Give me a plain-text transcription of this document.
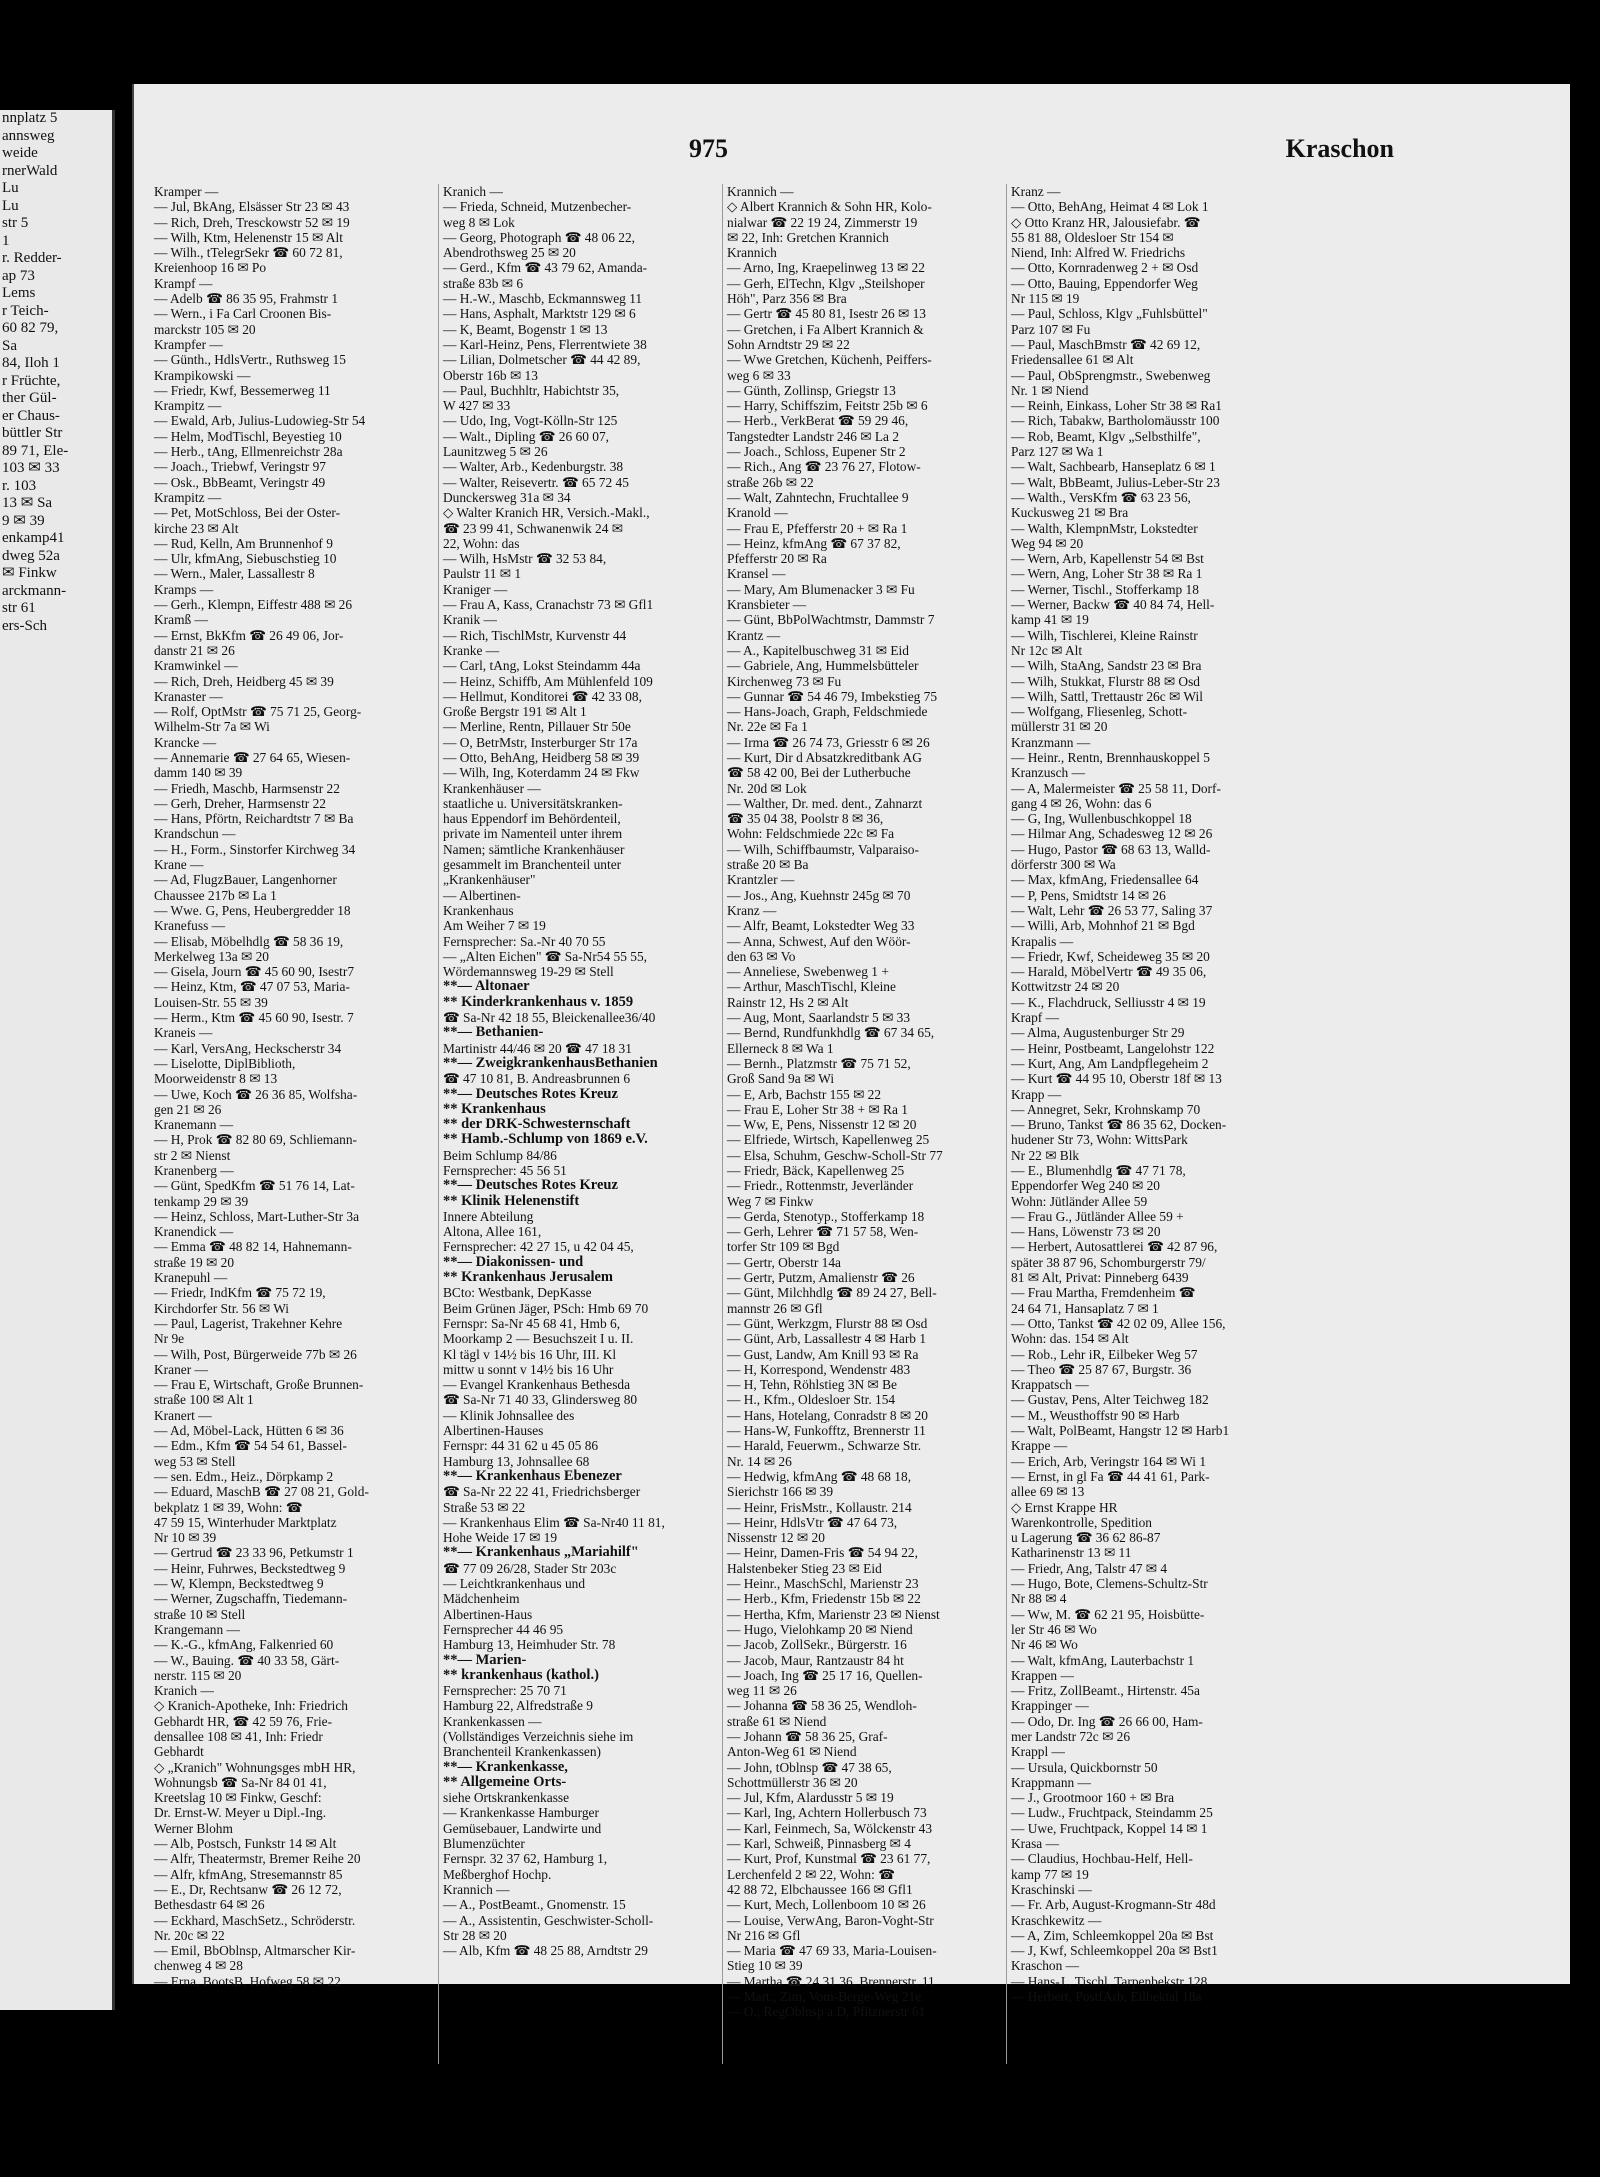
nnplatz 5
annsweg
weide
rnerWald
Lu
Lu
str 5
1
r. Redder-
ap 73
Lems
r Teich-
60 82 79,
Sa
84, Iloh 1
r Früchte,
ther Gül-
er Chaus-
büttler Str
89 71, Ele-
103 ✉ 33
r. 103
13 ✉ Sa
9 ✉ 39
enkamp41
dweg 52a
✉ Finkw
arckmann-
str 61
ers-Sch
975	Kraschon
Kramper —
— Jul, BkAng, Elsässer Str 23 ✉ 43
— Rich, Dreh, Tresckowstr 52 ✉ 19
— Wilh, Ktm, Helenenstr 15 ✉ Alt
— Wilh., tTelegrSekr ☎ 60 72 81,
Kreienhoop 16 ✉ Po
Krampf —
— Adelb ☎ 86 35 95, Frahmstr 1
— Wern., i Fa Carl Croonen Bis-
marckstr 105 ✉ 20
Krampfer —
— Günth., HdlsVertr., Ruthsweg 15
Krampikowski —
— Friedr, Kwf, Bessemerweg 11
Krampitz —
— Ewald, Arb, Julius-Ludowieg-Str 54
— Helm, ModTischl, Beyestieg 10
— Herb., tAng, Ellmenreichstr 28a
— Joach., Triebwf, Veringstr 97
— Osk., BbBeamt, Veringstr 49
Krampitz —
— Pet, MotSchloss, Bei der Oster-
kirche 23 ✉ Alt
— Rud, Kelln, Am Brunnenhof 9
— Ulr, kfmAng, Siebuschstieg 10
— Wern., Maler, Lassallestr 8
Kramps —
— Gerh., Klempn, Eiffestr 488 ✉ 26
Kramß —
— Ernst, BkKfm ☎ 26 49 06, Jor-
danstr 21 ✉ 26
Kramwinkel —
— Rich, Dreh, Heidberg 45 ✉ 39
Kranaster —
— Rolf, OptMstr ☎ 75 71 25, Georg-
Wilhelm-Str 7a ✉ Wi
Krancke —
— Annemarie ☎ 27 64 65, Wiesen-
damm 140 ✉ 39
— Friedh, Maschb, Harmsenstr 22
— Gerh, Dreher, Harmsenstr 22
— Hans, Pförtn, Reichardtstr 7 ✉ Ba
Krandschun —
— H., Form., Sinstorfer Kirchweg 34
Krane —
— Ad, FlugzBauer, Langenhorner
Chaussee 217b ✉ La 1
— Wwe. G, Pens, Heubergredder 18
Kranefuss —
— Elisab, Möbelhdlg ☎ 58 36 19,
Merkelweg 13a ✉ 20
— Gisela, Journ ☎ 45 60 90, Isestr7
— Heinz, Ktm, ☎ 47 07 53, Maria-
Louisen-Str. 55 ✉ 39
— Herm., Ktm ☎ 45 60 90, Isestr. 7
Kraneis —
— Karl, VersAng, Heckscherstr 34
— Liselotte, DiplBiblioth,
Moorweidenstr 8 ✉ 13
— Uwe, Koch ☎ 26 36 85, Wolfsha-
gen 21 ✉ 26
Kranemann —
— H, Prok ☎ 82 80 69, Schliemann-
str 2 ✉ Nienst
Kranenberg —
— Günt, SpedKfm ☎ 51 76 14, Lat-
tenkamp 29 ✉ 39
— Heinz, Schloss, Mart-Luther-Str 3a
Kranendick —
— Emma ☎ 48 82 14, Hahnemann-
straße 19 ✉ 20
Kranepuhl —
— Friedr, IndKfm ☎ 75 72 19,
Kirchdorfer Str. 56 ✉ Wi
— Paul, Lagerist, Trakehner Kehre
Nr 9e
— Wilh, Post, Bürgerweide 77b ✉ 26
Kraner —
— Frau E, Wirtschaft, Große Brunnen-
straße 100 ✉ Alt 1
Kranert —
— Ad, Möbel-Lack, Hütten 6 ✉ 36
— Edm., Kfm ☎ 54 54 61, Bassel-
weg 53 ✉ Stell
— sen. Edm., Heiz., Dörpkamp 2
— Eduard, MaschB ☎ 27 08 21, Gold-
bekplatz 1 ✉ 39, Wohn: ☎
47 59 15, Winterhuder Marktplatz
Nr 10 ✉ 39
— Gertrud ☎ 23 33 96, Petkumstr 1
— Heinr, Fuhrwes, Beckstedtweg 9
— W, Klempn, Beckstedtweg 9
— Werner, Zugschaffn, Tiedemann-
straße 10 ✉ Stell
Krangemann —
— K.-G., kfmAng, Falkenried 60
— W., Bauing. ☎ 40 33 58, Gärt-
nerstr. 115 ✉ 20
Kranich —
◇ Kranich-Apotheke, Inh: Friedrich
Gebhardt HR, ☎ 42 59 76, Frie-
densallee 108 ✉ 41, Inh: Friedr
Gebhardt
◇ „Kranich" Wohnungsges mbH HR,
Wohnungsb ☎ Sa-Nr 84 01 41,
Kreetslag 10 ✉ Finkw, Geschf:
Dr. Ernst-W. Meyer u Dipl.-Ing.
Werner Blohm
— Alb, Postsch, Funkstr 14 ✉ Alt
— Alfr, Theatermstr, Bremer Reihe 20
— Alfr, kfmAng, Stresemannstr 85
— E., Dr, Rechtsanw ☎ 26 12 72,
Bethesdastr 64 ✉ 26
— Eckhard, MaschSetz., Schröderstr.
Nr. 20c ✉ 22
— Emil, BbOblnsp, Altmarscher Kir-
chenweg 4 ✉ 28
— Erna, BootsB, Hofweg 58 ✉ 22
Kranich —
— Frieda, Schneid, Mutzenbecher-
weg 8 ✉ Lok
— Georg, Photograph ☎ 48 06 22,
Abendrothsweg 25 ✉ 20
— Gerd., Kfm ☎ 43 79 62, Amanda-
straße 83b ✉ 6
— H.-W., Maschb, Eckmannsweg 11
— Hans, Asphalt, Marktstr 129 ✉ 6
— K, Beamt, Bogenstr 1 ✉ 13
— Karl-Heinz, Pens, Flerrentwiete 38
— Lilian, Dolmetscher ☎ 44 42 89,
Oberstr 16b ✉ 13
— Paul, Buchhltr, Habichtstr 35,
W 427 ✉ 33
— Udo, Ing, Vogt-Kölln-Str 125
— Walt., Dipling ☎ 26 60 07,
Launitzweg 5 ✉ 26
— Walter, Arb., Kedenburgstr. 38
— Walter, Reisevertr. ☎ 65 72 45
Dunckersweg 31a ✉ 34
◇ Walter Kranich HR, Versich.-Makl.,
☎ 23 99 41, Schwanenwik 24 ✉
22, Wohn: das
— Wilh, HsMstr ☎ 32 53 84,
Paulstr 11 ✉ 1
Kraniger —
— Frau A, Kass, Cranachstr 73 ✉ Gfl1
Kranik —
— Rich, TischlMstr, Kurvenstr 44
Kranke —
— Carl, tAng, Lokst Steindamm 44a
— Heinz, Schiffb, Am Mühlenfeld 109
— Hellmut, Konditorei ☎ 42 33 08,
Große Bergstr 191 ✉ Alt 1
— Merline, Rentn, Pillauer Str 50e
— O, BetrMstr, Insterburger Str 17a
— Otto, BehAng, Heidberg 58 ✉ 39
— Wilh, Ing, Koterdamm 24 ✉ Fkw
Krankenhäuser —
staatliche u. Universitätskranken-
haus Eppendorf im Behördenteil,
private im Namenteil unter ihrem
Namen; sämtliche Krankenhäuser
gesammelt im Branchenteil unter
„Krankenhäuser"
— Albertinen-
Krankenhaus
Am Weiher 7 ✉ 19
Fernsprecher: Sa.-Nr 40 70 55
— „Alten Eichen" ☎ Sa-Nr54 55 55,
Wördemannsweg 19-29 ✉ Stell
**— Altonaer
** Kinderkrankenhaus v. 1859
☎ Sa-Nr 42 18 55, Bleickenallee36/40
**— Bethanien-
Martinistr 44/46 ✉ 20 ☎ 47 18 31
**— ZweigkrankenhausBethanien
☎ 47 10 81, B. Andreasbrunnen 6
**— Deutsches Rotes Kreuz
** Krankenhaus
** der DRK-Schwesternschaft
** Hamb.-Schlump von 1869 e.V.
Beim Schlump 84/86
Fernsprecher: 45 56 51
**— Deutsches Rotes Kreuz
** Klinik Helenenstift
Innere Abteilung
Altona, Allee 161,
Fernsprecher: 42 27 15, u 42 04 45,
**— Diakonissen- und
** Krankenhaus Jerusalem
BCto: Westbank, DepKasse
Beim Grünen Jäger, PSch: Hmb 69 70
Fernspr: Sa-Nr 45 68 41, Hmb 6,
Moorkamp 2 — Besuchszeit I u. II.
Kl tägl v 14½ bis 16 Uhr, III. Kl
mittw u sonnt v 14½ bis 16 Uhr
— Evangel Krankenhaus Bethesda
☎ Sa-Nr 71 40 33, Glindersweg 80
— Klinik Johnsallee des
Albertinen-Hauses
Fernspr: 44 31 62 u 45 05 86
Hamburg 13, Johnsallee 68
**— Krankenhaus Ebenezer
☎ Sa-Nr 22 22 41, Friedrichsberger
Straße 53 ✉ 22
— Krankenhaus Elim ☎ Sa-Nr40 11 81,
Hohe Weide 17 ✉ 19
**— Krankenhaus „Mariahilf"
☎ 77 09 26/28, Stader Str 203c
— Leichtkrankenhaus und
Mädchenheim
Albertinen-Haus
Fernsprecher 44 46 95
Hamburg 13, Heimhuder Str. 78
**— Marien-
** krankenhaus (kathol.)
Fernsprecher: 25 70 71
Hamburg 22, Alfredstraße 9
Krankenkassen —
(Vollständiges Verzeichnis siehe im
Branchenteil Krankenkassen)
**— Krankenkasse,
** Allgemeine Orts-
siehe Ortskrankenkasse
— Krankenkasse Hamburger
Gemüsebauer, Landwirte und
Blumenzüchter
Fernspr. 32 37 62, Hamburg 1,
Meßberghof Hochp.
Krannich —
— A., PostBeamt., Gnomenstr. 15
— A., Assistentin, Geschwister-Scholl-
Str 28 ✉ 20
— Alb, Kfm ☎ 48 25 88, Arndtstr 29
Krannich —
◇ Albert Krannich & Sohn HR, Kolo-
nialwar ☎ 22 19 24, Zimmerstr 19
✉ 22, Inh: Gretchen Krannich
Krannich
— Arno, Ing, Kraepelinweg 13 ✉ 22
— Gerh, ElTechn, Klgv „Steilshoper
Höh", Parz 356 ✉ Bra
— Gertr ☎ 45 80 81, Isestr 26 ✉ 13
— Gretchen, i Fa Albert Krannich &
Sohn Arndtstr 29 ✉ 22
— Wwe Gretchen, Küchenh, Peiffers-
weg 6 ✉ 33
— Günth, Zollinsp, Griegstr 13
— Harry, Schiffszim, Feitstr 25b ✉ 6
— Herb., VerkBerat ☎ 59 29 46,
Tangstedter Landstr 246 ✉ La 2
— Joach., Schloss, Eupener Str 2
— Rich., Ang ☎ 23 76 27, Flotow-
straße 26b ✉ 22
— Walt, Zahntechn, Fruchtallee 9
Kranold —
— Frau E, Pfefferstr 20 + ✉ Ra 1
— Heinz, kfmAng ☎ 67 37 82,
Pfefferstr 20 ✉ Ra
Kransel —
— Mary, Am Blumenacker 3 ✉ Fu
Kransbieter —
— Günt, BbPolWachtmstr, Dammstr 7
Krantz —
— A., Kapitelbuschweg 31 ✉ Eid
— Gabriele, Ang, Hummelsbütteler
Kirchenweg 73 ✉ Fu
— Gunnar ☎ 54 46 79, Imbekstieg 75
— Hans-Joach, Graph, Feldschmiede
Nr. 22e ✉ Fa 1
— Irma ☎ 26 74 73, Griesstr 6 ✉ 26
— Kurt, Dir d Absatzkreditbank AG
☎ 58 42 00, Bei der Lutherbuche
Nr. 20d ✉ Lok
— Walther, Dr. med. dent., Zahnarzt
☎ 35 04 38, Poolstr 8 ✉ 36,
Wohn: Feldschmiede 22c ✉ Fa
— Wilh, Schiffbaumstr, Valparaiso-
straße 20 ✉ Ba
Krantzler —
— Jos., Ang, Kuehnstr 245g ✉ 70
Kranz —
— Alfr, Beamt, Lokstedter Weg 33
— Anna, Schwest, Auf den Wöör-
den 63 ✉ Vo
— Anneliese, Swebenweg 1 +
— Arthur, MaschTischl, Kleine
Rainstr 12, Hs 2 ✉ Alt
— Aug, Mont, Saarlandstr 5 ✉ 33
— Bernd, Rundfunkhdlg ☎ 67 34 65,
Ellerneck 8 ✉ Wa 1
— Bernh., Platzmstr ☎ 75 71 52,
Groß Sand 9a ✉ Wi
— E, Arb, Bachstr 155 ✉ 22
— Frau E, Loher Str 38 + ✉ Ra 1
— Ww, E, Pens, Nissenstr 12 ✉ 20
— Elfriede, Wirtsch, Kapellenweg 25
— Elsa, Schuhm, Geschw-Scholl-Str 77
— Friedr, Bäck, Kapellenweg 25
— Friedr., Rottenmstr, Jeverländer
Weg 7 ✉ Finkw
— Gerda, Stenotyp., Stofferkamp 18
— Gerh, Lehrer ☎ 71 57 58, Wen-
torfer Str 109 ✉ Bgd
— Gertr, Oberstr 14a
— Gertr, Putzm, Amalienstr ☎ 26
— Günt, Milchhdlg ☎ 89 24 27, Bell-
mannstr 26 ✉ Gfl
— Günt, Werkzgm, Flurstr 88 ✉ Osd
— Günt, Arb, Lassallestr 4 ✉ Harb 1
— Gust, Landw, Am Knill 93 ✉ Ra
— H, Korrespond, Wendenstr 483
— H, Tehn, Röhlstieg 3N ✉ Be
— H., Kfm., Oldesloer Str. 154
— Hans, Hotelang, Conradstr 8 ✉ 20
— Hans-W, Funkofftz, Brennerstr 11
— Harald, Feuerwm., Schwarze Str.
Nr. 14 ✉ 26
— Hedwig, kfmAng ☎ 48 68 18,
Sierichstr 166 ✉ 39
— Heinr, FrisMstr., Kollaustr. 214
— Heinr, HdlsVtr ☎ 47 64 73,
Nissenstr 12 ✉ 20
— Heinr, Damen-Fris ☎ 54 94 22,
Halstenbeker Stieg 23 ✉ Eid
— Heinr., MaschSchl, Marienstr 23
— Herb., Kfm, Friedenstr 15b ✉ 22
— Hertha, Kfm, Marienstr 23 ✉ Nienst
— Hugo, Vielohkamp 20 ✉ Niend
— Jacob, ZollSekr., Bürgerstr. 16
— Jacob, Maur, Rantzaustr 84 ht
— Joach, Ing ☎ 25 17 16, Quellen-
weg 11 ✉ 26
— Johanna ☎ 58 36 25, Wendloh-
straße 61 ✉ Niend
— Johann ☎ 58 36 25, Graf-
Anton-Weg 61 ✉ Niend
— John, tOblnsp ☎ 47 38 65,
Schottmüllerstr 36 ✉ 20
— Jul, Kfm, Alardusstr 5 ✉ 19
— Karl, Ing, Achtern Hollerbusch 73
— Karl, Feinmech, Sa, Wölckenstr 43
— Karl, Schweiß, Pinnasberg ✉ 4
— Kurt, Prof, Kunstmal ☎ 23 61 77,
Lerchenfeld 2 ✉ 22, Wohn: ☎
42 88 72, Elbchaussee 166 ✉ Gfl1
— Kurt, Mech, Lollenboom 10 ✉ 26
— Louise, VerwAng, Baron-Voght-Str
Nr 216 ✉ Gfl
— Maria ☎ 47 69 33, Maria-Louisen-
Stieg 10 ✉ 39
— Martha ☎ 24 31 36, Brennerstr. 11
— Mart., Zim, Vom-Berge-Weg 21e
— O., RegOblnsp a.D, Pfitznerstr 61
Kranz —
— Otto, BehAng, Heimat 4 ✉ Lok 1
◇ Otto Kranz HR, Jalousiefabr. ☎
55 81 88, Oldesloer Str 154 ✉
Niend, Inh: Alfred W. Friedrichs
— Otto, Kornradenweg 2 + ✉ Osd
— Otto, Bauing, Eppendorfer Weg
Nr 115 ✉ 19
— Paul, Schloss, Klgv „Fuhlsbüttel"
Parz 107 ✉ Fu
— Paul, MaschBmstr ☎ 42 69 12,
Friedensallee 61 ✉ Alt
— Paul, ObSprengmstr., Swebenweg
Nr. 1 ✉ Niend
— Reinh, Einkass, Loher Str 38 ✉ Ra1
— Rich, Tabakw, Bartholomäusstr 100
— Rob, Beamt, Klgv „Selbsthilfe",
Parz 127 ✉ Wa 1
— Walt, Sachbearb, Hanseplatz 6 ✉ 1
— Walt, BbBeamt, Julius-Leber-Str 23
— Walth., VersKfm ☎ 63 23 56,
Kuckusweg 21 ✉ Bra
— Walth, KlempnMstr, Lokstedter
Weg 94 ✉ 20
— Wern, Arb, Kapellenstr 54 ✉ Bst
— Wern, Ang, Loher Str 38 ✉ Ra 1
— Werner, Tischl., Stofferkamp 18
— Werner, Backw ☎ 40 84 74, Hell-
kamp 41 ✉ 19
— Wilh, Tischlerei, Kleine Rainstr
Nr 12c ✉ Alt
— Wilh, StaAng, Sandstr 23 ✉ Bra
— Wilh, Stukkat, Flurstr 88 ✉ Osd
— Wilh, Sattl, Trettaustr 26c ✉ Wil
— Wolfgang, Fliesenleg, Schott-
müllerstr 31 ✉ 20
Kranzmann —
— Heinr., Rentn, Brennhauskoppel 5
Kranzusch —
— A, Malermeister ☎ 25 58 11, Dorf-
gang 4 ✉ 26, Wohn: das 6
— G, Ing, Wullenbuschkoppel 18
— Hilmar Ang, Schadesweg 12 ✉ 26
— Hugo, Pastor ☎ 68 63 13, Walld-
dörferstr 300 ✉ Wa
— Max, kfmAng, Friedensallee 64
— P, Pens, Smidtstr 14 ✉ 26
— Walt, Lehr ☎ 26 53 77, Saling 37
— Willi, Arb, Mohnhof 21 ✉ Bgd
Krapalis —
— Friedr, Kwf, Scheideweg 35 ✉ 20
— Harald, MöbelVertr ☎ 49 35 06,
Kottwitzstr 24 ✉ 20
— K., Flachdruck, Selliusstr 4 ✉ 19
Krapf —
— Alma, Augustenburger Str 29
— Heinr, Postbeamt, Langelohstr 122
— Kurt, Ang, Am Landpflegeheim 2
— Kurt ☎ 44 95 10, Oberstr 18f ✉ 13
Krapp —
— Annegret, Sekr, Krohnskamp 70
— Bruno, Tankst ☎ 86 35 62, Docken-
hudener Str 73, Wohn: WittsPark
Nr 22 ✉ Blk
— E., Blumenhdlg ☎ 47 71 78,
Eppendorfer Weg 240 ✉ 20
Wohn: Jütländer Allee 59
— Frau G., Jütländer Allee 59 +
— Hans, Löwenstr 73 ✉ 20
— Herbert, Autosattlerei ☎ 42 87 96,
später 38 87 96, Schomburgerstr 79/
81 ✉ Alt, Privat: Pinneberg 6439
— Frau Martha, Fremdenheim ☎
24 64 71, Hansaplatz 7 ✉ 1
— Otto, Tankst ☎ 42 02 09, Allee 156,
Wohn: das. 154 ✉ Alt
— Rob., Lehr iR, Eilbeker Weg 57
— Theo ☎ 25 87 67, Burgstr. 36
Krappatsch —
— Gustav, Pens, Alter Teichweg 182
— M., Weusthoffstr 90 ✉ Harb
— Walt, PolBeamt, Hangstr 12 ✉ Harb1
Krappe —
— Erich, Arb, Veringstr 164 ✉ Wi 1
— Ernst, in gl Fa ☎ 44 41 61, Park-
allee 69 ✉ 13
◇ Ernst Krappe HR
Warenkontrolle, Spedition
u Lagerung ☎ 36 62 86-87
Katharinenstr 13 ✉ 11
— Friedr, Ang, Talstr 47 ✉ 4
— Hugo, Bote, Clemens-Schultz-Str
Nr 88 ✉ 4
— Ww, M. ☎ 62 21 95, Hoisbütte-
ler Str 46 ✉ Wo
Nr 46 ✉ Wo
— Walt, kfmAng, Lauterbachstr 1
Krappen —
— Fritz, ZollBeamt., Hirtenstr. 45a
Krappinger —
— Odo, Dr. Ing ☎ 26 66 00, Ham-
mer Landstr 72c ✉ 26
Krappl —
— Ursula, Quickbornstr 50
Krappmann —
— J., Grootmoor 160 + ✉ Bra
— Ludw., Fruchtpack, Steindamm 25
— Uwe, Fruchtpack, Koppel 14 ✉ 1
Krasa —
— Claudius, Hochbau-Helf, Hell-
kamp 77 ✉ 19
Kraschinski —
— Fr. Arb, August-Krogmann-Str 48d
Kraschkewitz —
— A, Zim, Schleemkoppel 20a ✉ Bst
— J, Kwf, Schleemkoppel 20a ✉ Bst1
Kraschon —
— Hans-J., Tischl, Tarpenbekstr 128
— Herbert, PostfArb, Eilbektal 18a
